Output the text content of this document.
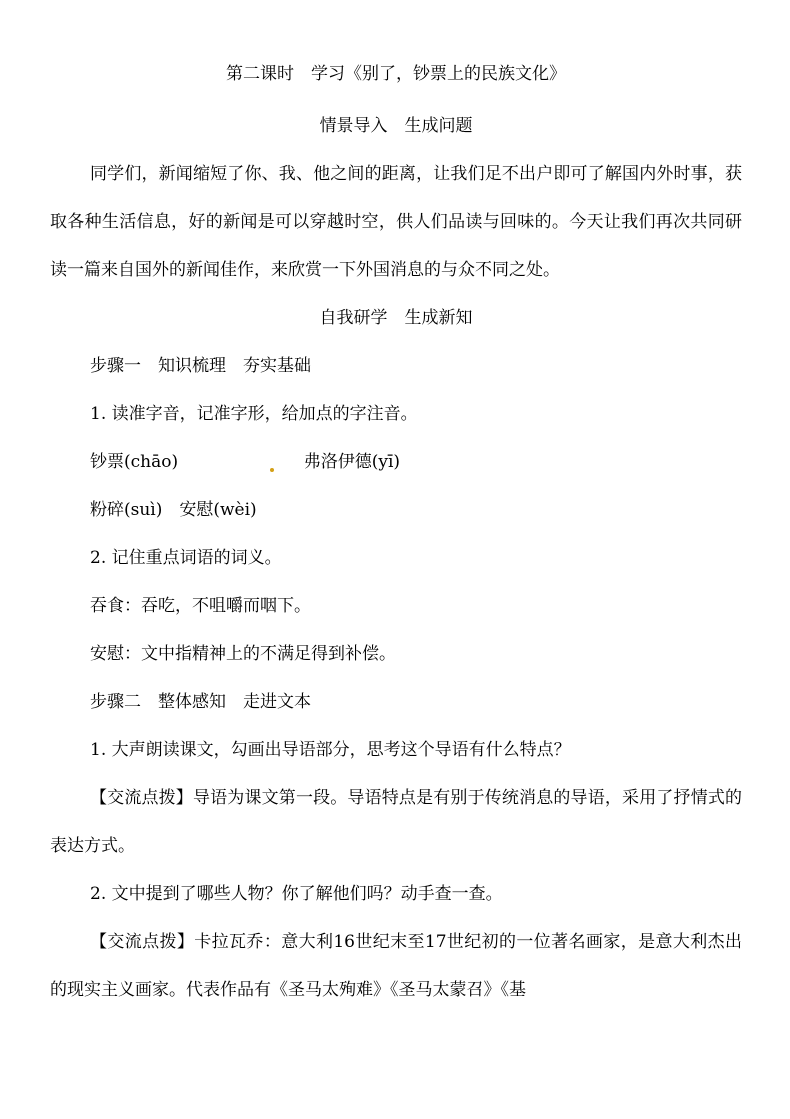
第二课时　学习《别了，钞票上的民族文化》
情景导入　生成问题
同学们，新闻缩短了你、我、他之间的距离，让我们足不出户即可了解国内外时事，获取各种生活信息，好的新闻是可以穿越时空，供人们品读与回味的。今天让我们再次共同研读一篇来自国外的新闻佳作，来欣赏一下外国消息的与众不同之处。
自我研学　生成新知
步骤一　知识梳理　夯实基础
1. 读准字音，记准字形，给加点的字注音。
钞票(chāo)	弗洛伊德(yī)
粉碎(suì)　安慰(wèi)
2. 记住重点词语的词义。
吞食：吞吃，不咀嚼而咽下。
安慰：文中指精神上的不满足得到补偿。
步骤二　整体感知　走进文本
1. 大声朗读课文，勾画出导语部分，思考这个导语有什么特点？
【交流点拨】导语为课文第一段。导语特点是有别于传统消息的导语，采用了抒情式的表达方式。
2. 文中提到了哪些人物？你了解他们吗？动手查一查。
【交流点拨】卡拉瓦乔：意大利16世纪末至17世纪初的一位著名画家，是意大利杰出的现实主义画家。代表作品有《圣马太殉难》《圣马太蒙召》《基
